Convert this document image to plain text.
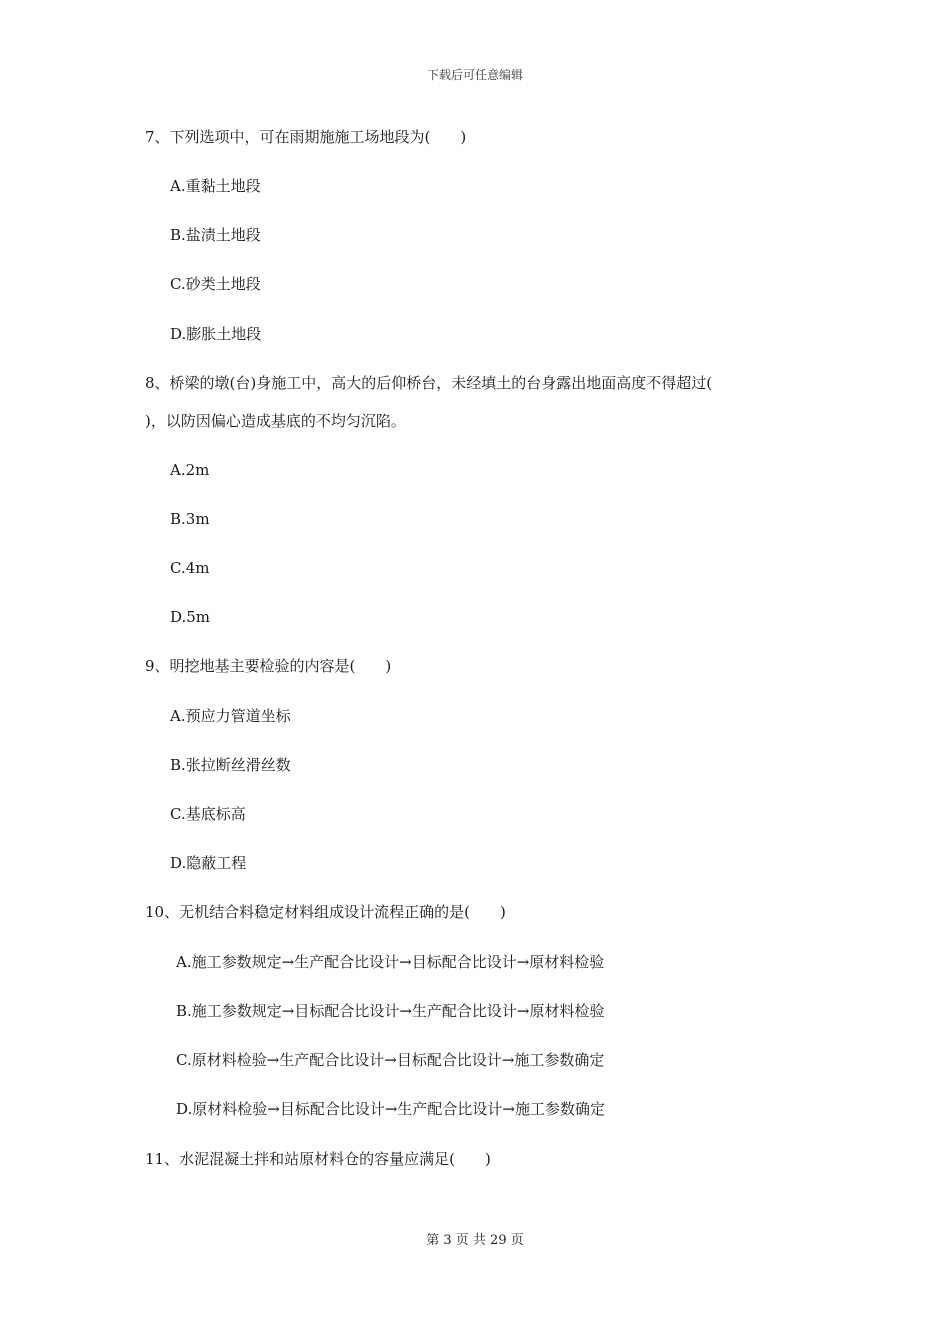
下载后可任意编辑
7、下列选项中，可在雨期施施工场地段为(　　)
A.重黏土地段
B.盐渍土地段
C.砂类土地段
D.膨胀土地段
8、桥梁的墩(台)身施工中，高大的后仰桥台，未经填土的台身露出地面高度不得超过(
)，以防因偏心造成基底的不均匀沉陷。
A.2m
B.3m
C.4m
D.5m
9、明挖地基主要检验的内容是(　　)
A.预应力管道坐标
B.张拉断丝滑丝数
C.基底标高
D.隐蔽工程
10、无机结合料稳定材料组成设计流程正确的是(　　)
A.施工参数规定→生产配合比设计→目标配合比设计→原材料检验
B.施工参数规定→目标配合比设计→生产配合比设计→原材料检验
C.原材料检验→生产配合比设计→目标配合比设计→施工参数确定
D.原材料检验→目标配合比设计→生产配合比设计→施工参数确定
11、水泥混凝土拌和站原材料仓的容量应满足(　　)
第 3 页 共 29 页
